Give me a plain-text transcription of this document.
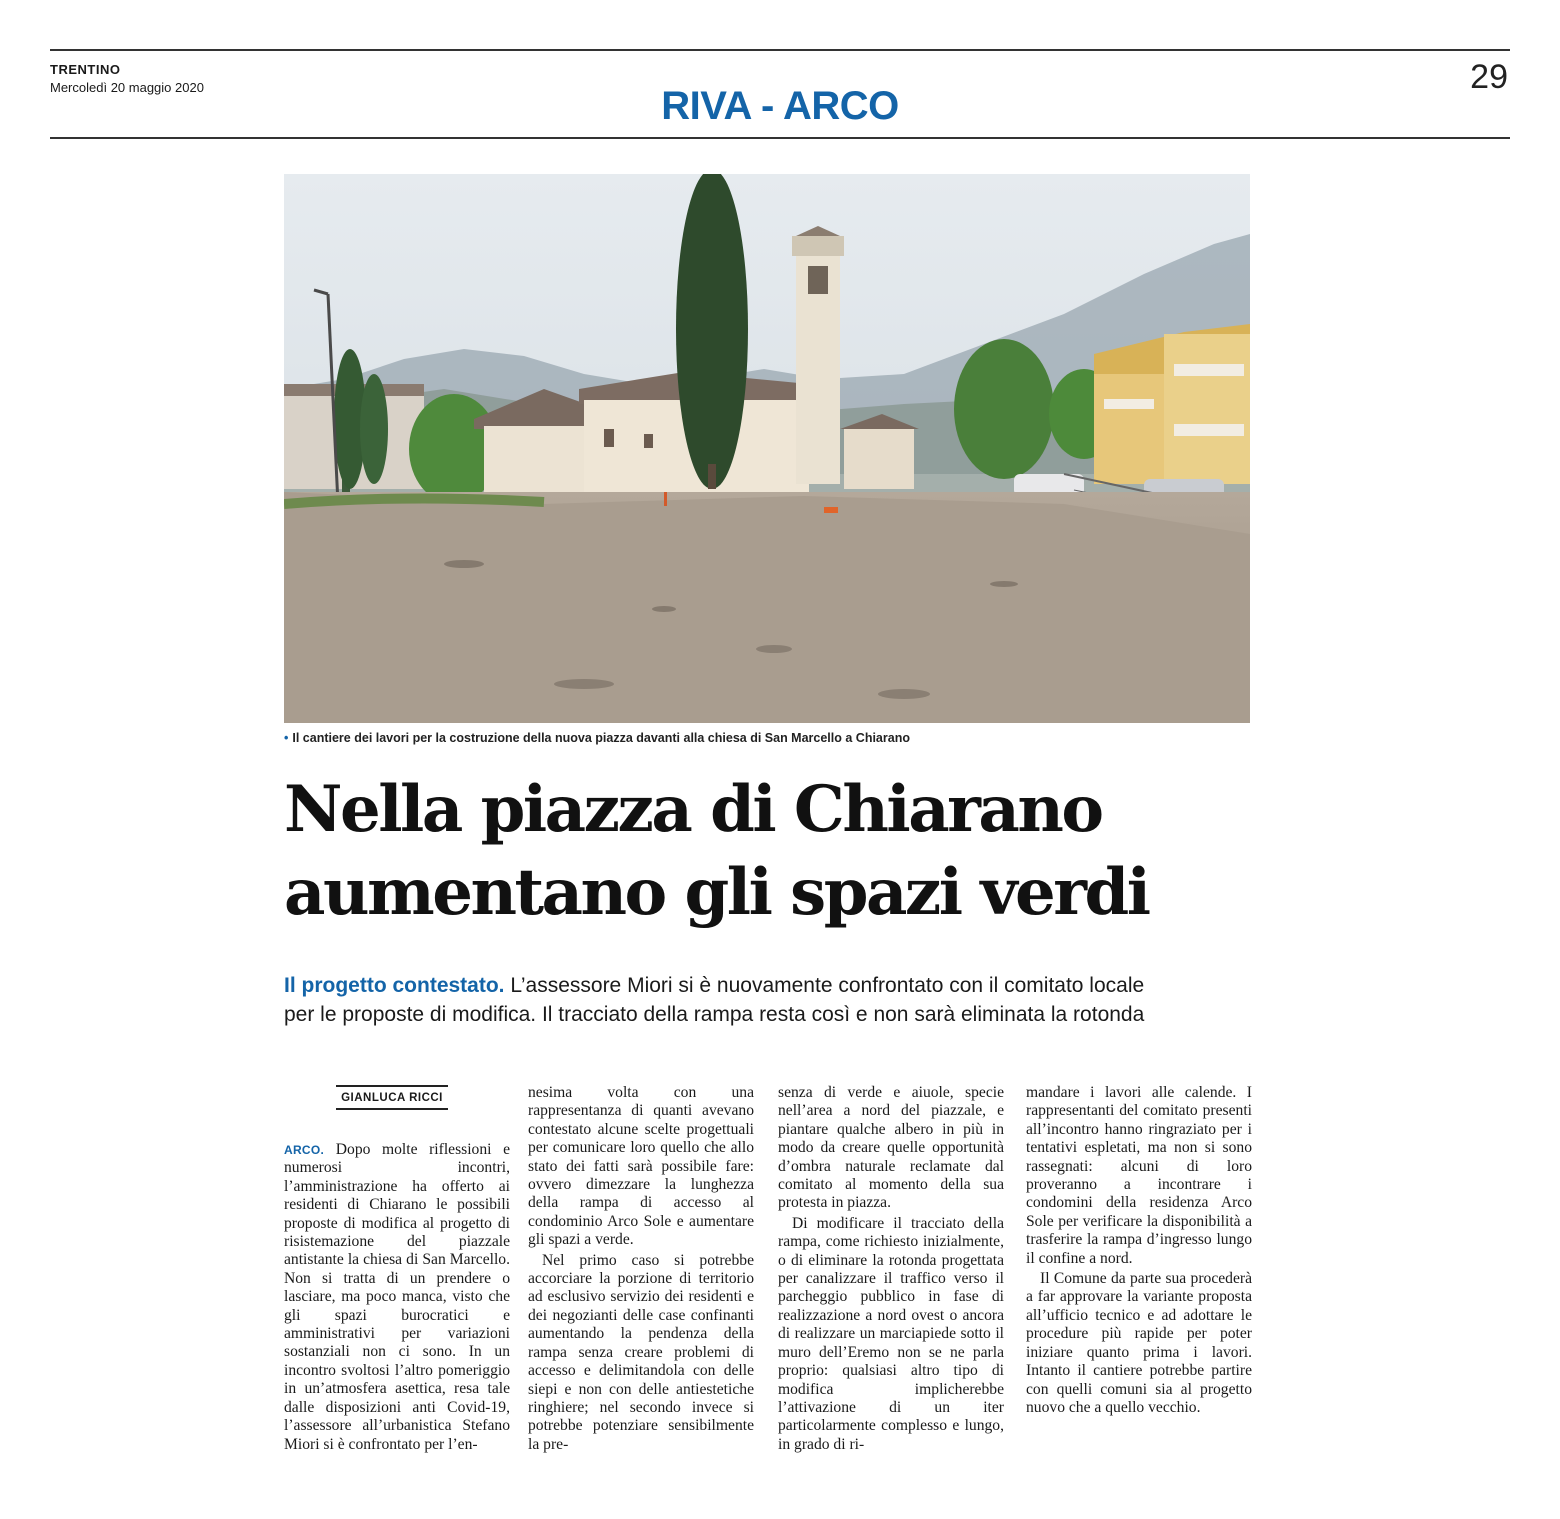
TRENTINO
Mercoledì 20 maggio 2020	29
RIVA - ARCO
• Il cantiere dei lavori per la costruzione della nuova piazza davanti alla chiesa di San Marcello a Chiarano
Nella piazza di Chiarano
aumentano gli spazi verdi
Il progetto contestato. L’assessore Miori si è nuovamente confrontato con il comitato locale
per le proposte di modifica. Il tracciato della rampa resta così e non sarà eliminata la rotonda
GIANLUCA RICCI

ARCO. Dopo molte riflessioni e numerosi incontri, l’amministrazione ha offerto ai residenti di Chiarano le possibili proposte di modifica al progetto di risistemazione del piazzale antistante la chiesa di San Marcello. Non si tratta di un prendere o lasciare, ma poco manca, visto che gli spazi burocratici e amministrativi per variazioni sostanziali non ci sono. In un incontro svoltosi l’altro pomeriggio in un’atmosfera asettica, resa tale dalle disposizioni anti Covid-19, l’assessore all’urbanistica Stefano Miori si è confrontato per l’en-

nesima volta con una rappresentanza di quanti avevano contestato alcune scelte progettuali per comunicare loro quello che allo stato dei fatti sarà possibile fare: ovvero dimezzare la lunghezza della rampa di accesso al condominio Arco Sole e aumentare gli spazi a verde.

Nel primo caso si potrebbe accorciare la porzione di territorio ad esclusivo servizio dei residenti e dei negozianti delle case confinanti aumentando la pendenza della rampa senza creare problemi di accesso e delimitandola con delle siepi e non con delle antiestetiche ringhiere; nel secondo invece si potrebbe potenziare sensibilmente la pre-

senza di verde e aiuole, specie nell’area a nord del piazzale, e piantare qualche albero in più in modo da creare quelle opportunità d’ombra naturale reclamate dal comitato al momento della sua protesta in piazza.

Di modificare il tracciato della rampa, come richiesto inizialmente, o di eliminare la rotonda progettata per canalizzare il traffico verso il parcheggio pubblico in fase di realizzazione a nord ovest o ancora di realizzare un marciapiede sotto il muro dell’Eremo non se ne parla proprio: qualsiasi altro tipo di modifica implicherebbe l’attivazione di un iter particolarmente complesso e lungo, in grado di ri-

mandare i lavori alle calende. I rappresentanti del comitato presenti all’incontro hanno ringraziato per i tentativi espletati, ma non si sono rassegnati: alcuni di loro proveranno a incontrare i condomini della residenza Arco Sole per verificare la disponibilità a trasferire la rampa d’ingresso lungo il confine a nord.

Il Comune da parte sua procederà a far approvare la variante proposta all’ufficio tecnico e ad adottare le procedure più rapide per poter iniziare quanto prima i lavori. Intanto il cantiere potrebbe partire con quelli comuni sia al progetto nuovo che a quello vecchio.
